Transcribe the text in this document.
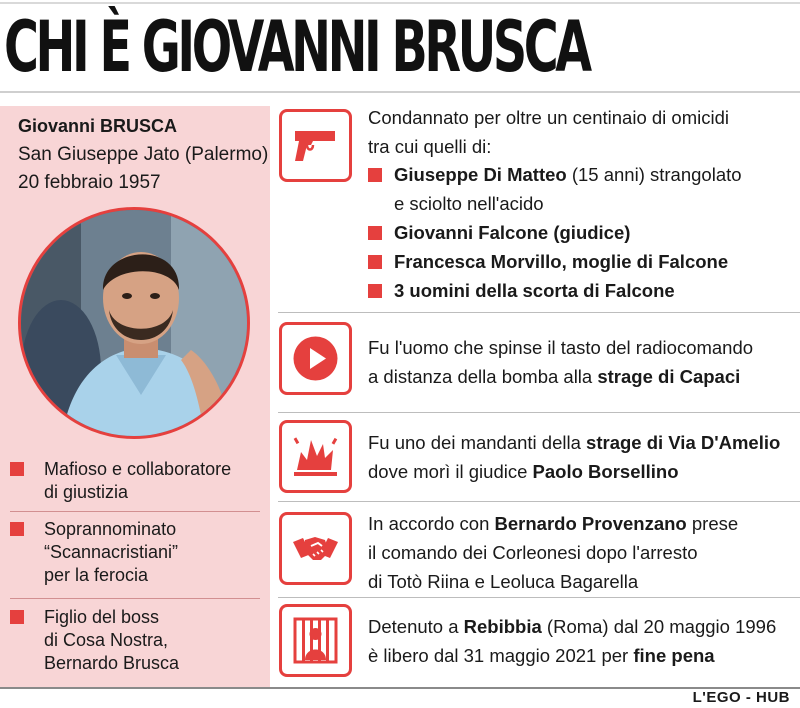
CHI È GIOVANNI BRUSCA
Giovanni BRUSCA
San Giuseppe Jato (Palermo)
20 febbraio 1957
Mafioso e collaboratore
di giustizia
Soprannominato
“Scannacristiani”
per la ferocia
Figlio del boss
di Cosa Nostra,
Bernardo Brusca
Condannato per oltre un centinaio di omicidi
tra cui quelli di:
Giuseppe Di Matteo (15 anni) strangolato
e sciolto nell'acido
Giovanni Falcone (giudice)
Francesca Morvillo, moglie di Falcone
3 uomini della scorta di Falcone
Fu l'uomo che spinse il tasto del radiocomando
a distanza della bomba alla strage di Capaci
Fu uno dei mandanti della strage di Via D'Amelio
dove morì il giudice Paolo Borsellino
In accordo con Bernardo Provenzano prese
il comando dei Corleonesi dopo l'arresto
di Totò Riina e Leoluca Bagarella
Detenuto a Rebibbia (Roma) dal 20 maggio 1996
è libero dal 31 maggio 2021 per fine pena
L'EGO - HUB
